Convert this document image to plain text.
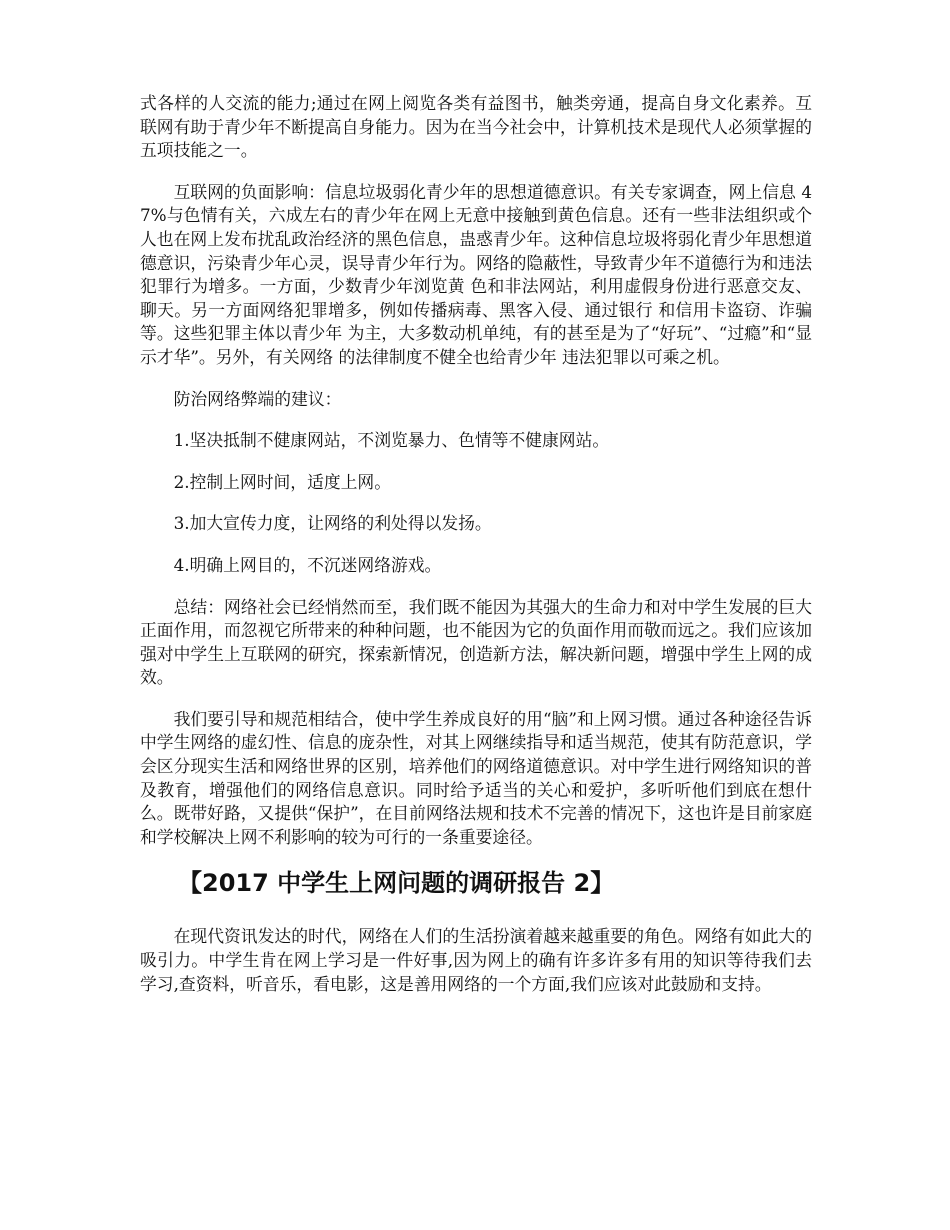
式各样的人交流的能力;通过在网上阅览各类有益图书，触类旁通，提高自身文化素养。互联网有助于青少年不断提高自身能力。因为在当今社会中，计算机技术是现代人必须掌握的五项技能之一。

互联网的负面影响：信息垃圾弱化青少年的思想道德意识。有关专家调查，网上信息 47%与色情有关，六成左右的青少年在网上无意中接触到黄色信息。还有一些非法组织或个人也在网上发布扰乱政治经济的黑色信息，蛊惑青少年。这种信息垃圾将弱化青少年思想道德意识，污染青少年心灵，误导青少年行为。网络的隐蔽性，导致青少年不道德行为和违法犯罪行为增多。一方面，少数青少年浏览黄 色和非法网站，利用虚假身份进行恶意交友、聊天。另一方面网络犯罪增多，例如传播病毒、黑客入侵、通过银行 和信用卡盗窃、诈骗等。这些犯罪主体以青少年 为主，大多数动机单纯，有的甚至是为了“好玩”、“过瘾”和“显示才华”。另外，有关网络 的法律制度不健全也给青少年 违法犯罪以可乘之机。

防治网络弊端的建议：

1.坚决抵制不健康网站，不浏览暴力、色情等不健康网站。

2.控制上网时间，适度上网。

3.加大宣传力度，让网络的利处得以发扬。

4.明确上网目的，不沉迷网络游戏。

总结：网络社会已经悄然而至，我们既不能因为其强大的生命力和对中学生发展的巨大正面作用，而忽视它所带来的种种问题，也不能因为它的负面作用而敬而远之。我们应该加强对中学生上互联网的研究，探索新情况，创造新方法，解决新问题，增强中学生上网的成效。

我们要引导和规范相结合，使中学生养成良好的用“脑”和上网习惯。通过各种途径告诉中学生网络的虚幻性、信息的庞杂性，对其上网继续指导和适当规范，使其有防范意识，学会区分现实生活和网络世界的区别，培养他们的网络道德意识。对中学生进行网络知识的普及教育，增强他们的网络信息意识。同时给予适当的关心和爱护，多听听他们到底在想什么。既带好路，又提供“保护”，在目前网络法规和技术不完善的情况下，这也许是目前家庭和学校解决上网不利影响的较为可行的一条重要途径。

【2017 中学生上网问题的调研报告 2】

在现代资讯发达的时代，网络在人们的生活扮演着越来越重要的角色。网络有如此大的吸引力。中学生肯在网上学习是一件好事,因为网上的确有许多许多有用的知识等待我们去学习,查资料，听音乐，看电影，这是善用网络的一个方面,我们应该对此鼓励和支持。
